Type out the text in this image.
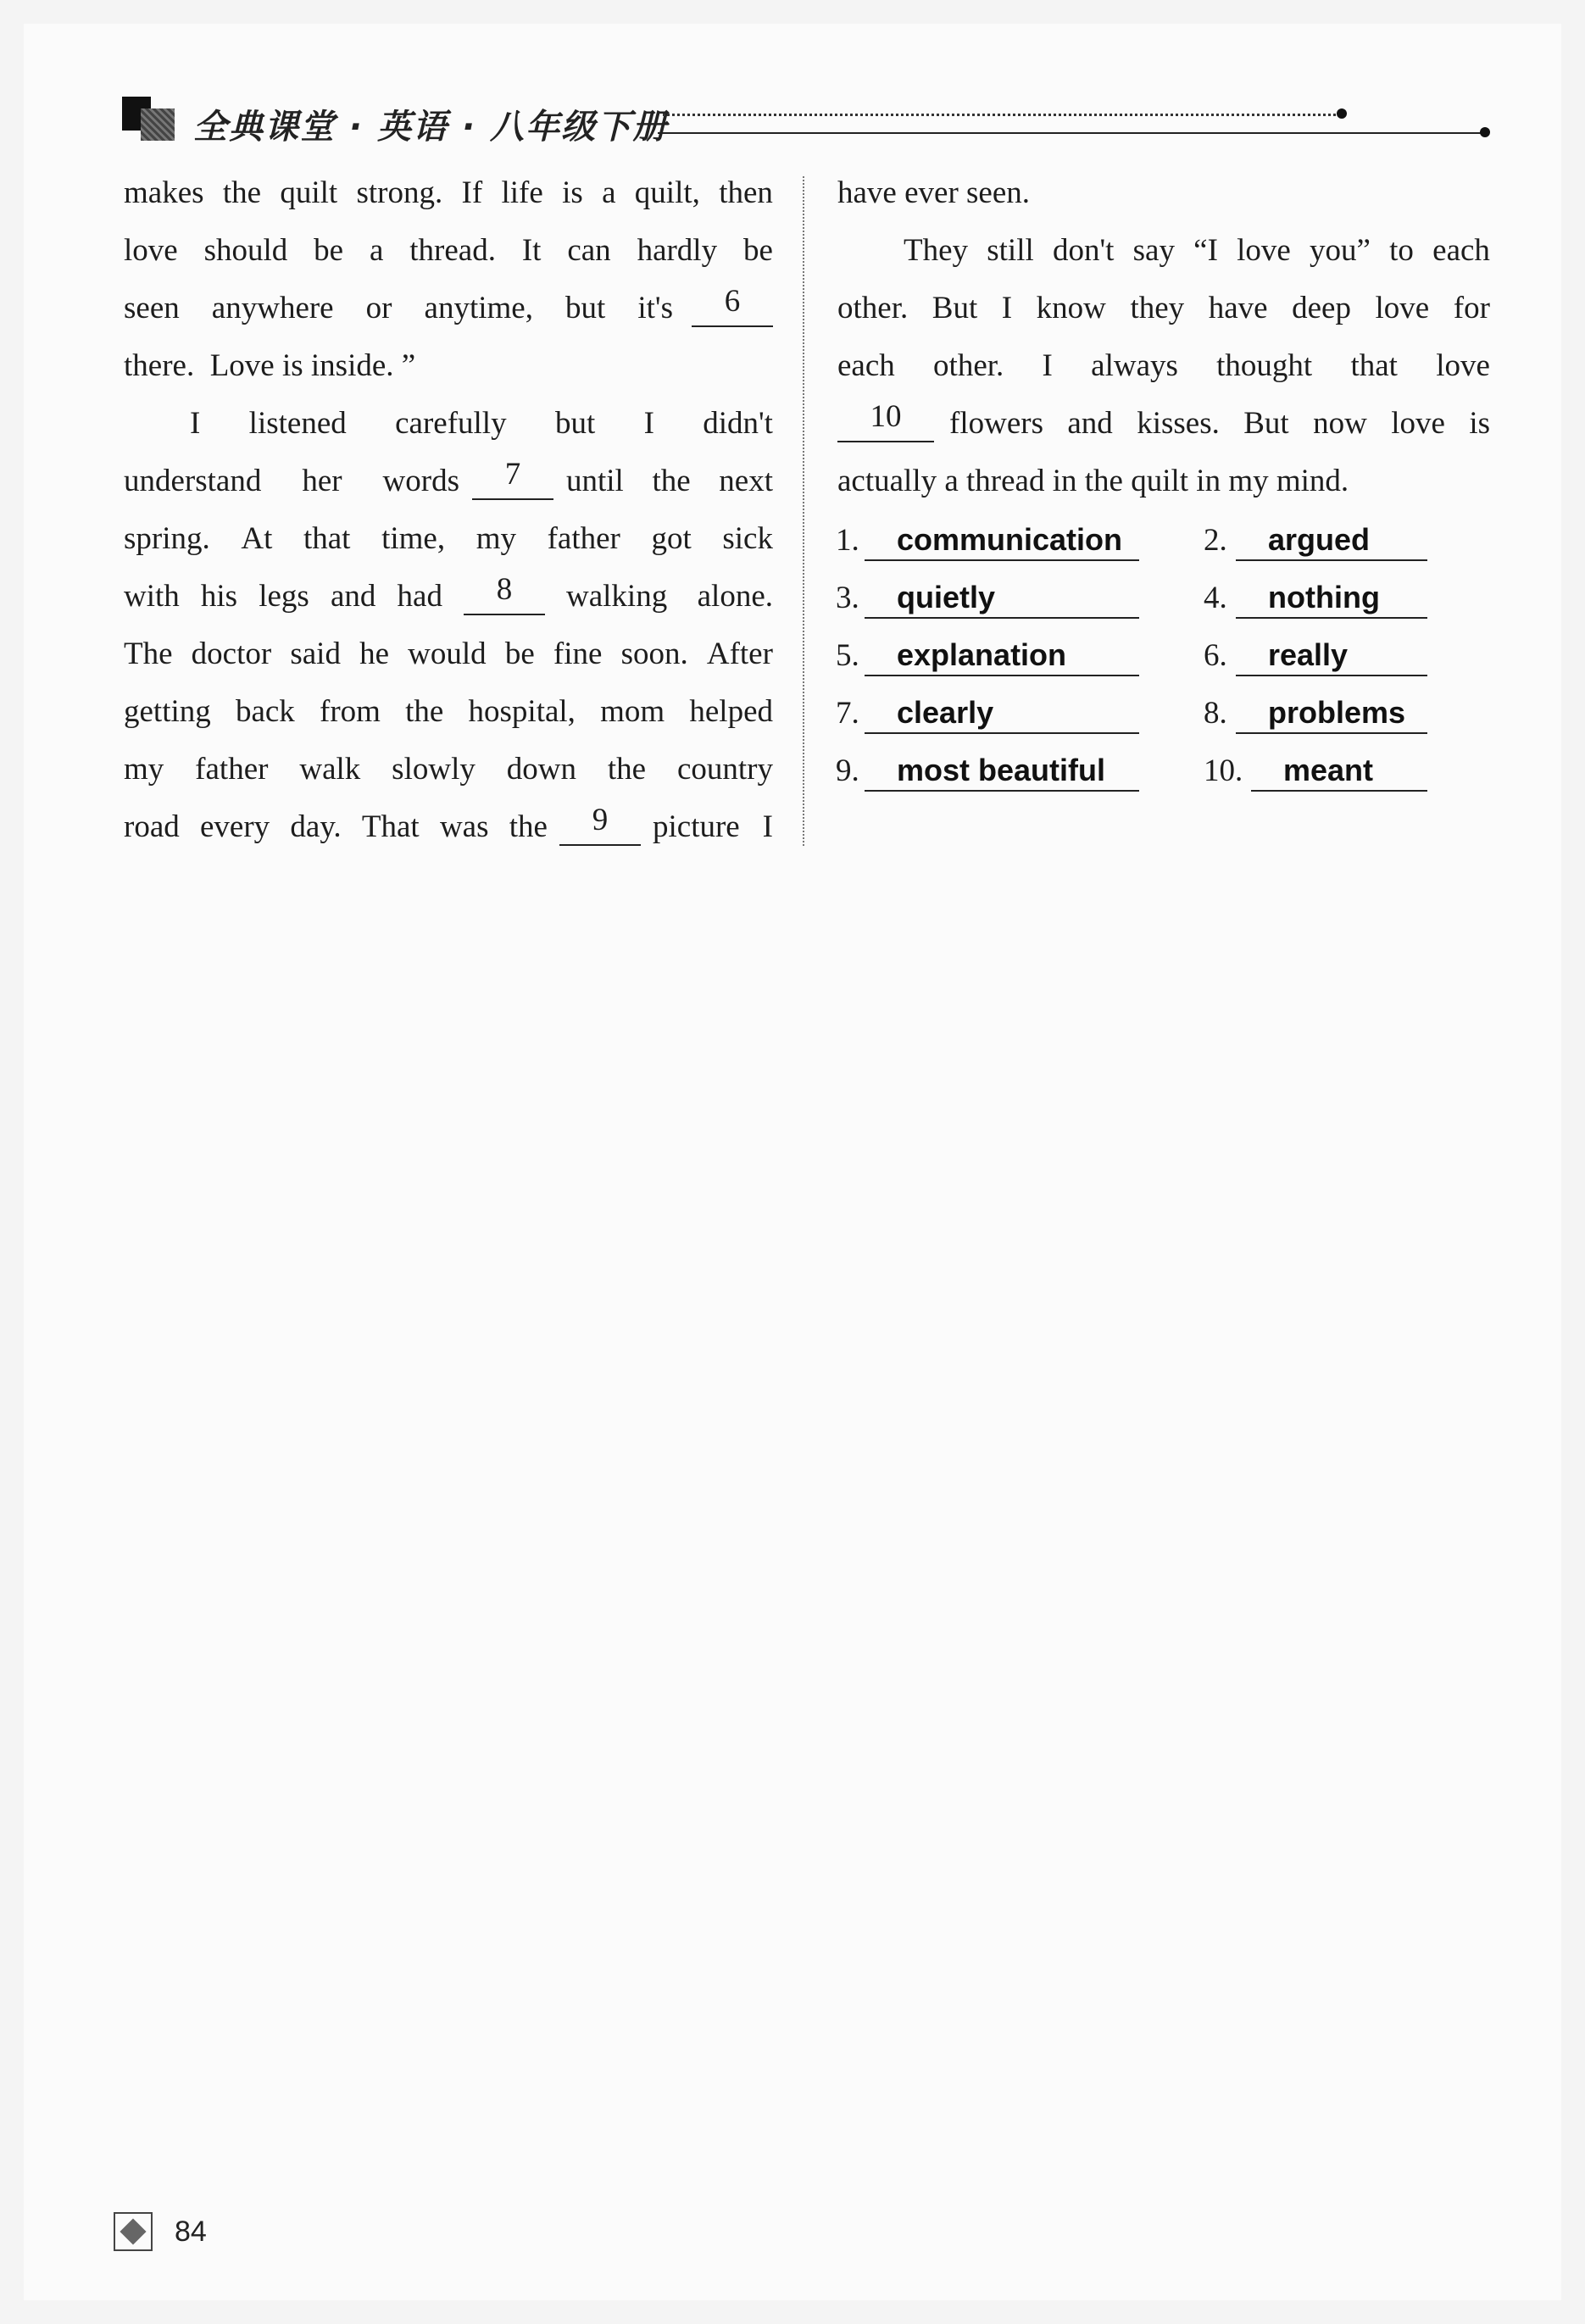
全典课堂 · 英语 · 八年级下册
makes the quilt strong. If life is a quilt, then
love should be a thread. It can hardly be
seen anywhere or anytime, but it's	6
there.  Love is inside. ”
I listened carefully but I didn't
understand her words	7	until the next
spring. At that time, my father got sick
with his legs and had	8	walking alone.
The doctor said he would be fine soon. After
getting back from the hospital, mom helped
my father walk slowly down the country
road every day. That was the	9	picture I
have ever seen.
They still don't say “I love you” to each
other. But I know they have deep love for
each other. I always thought that love
10	flowers and kisses. But now love is
actually a thread in the quilt in my mind.
1.	communication	2.	argued
3.	quietly	4.	nothing
5.	explanation	6.	really
7.	clearly	8.	problems
9.	most beautiful	10.	meant
84
